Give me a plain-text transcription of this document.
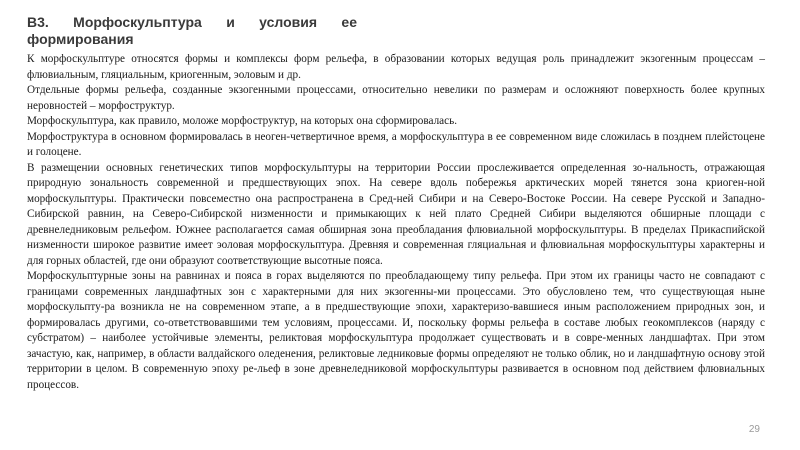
В3. Морфоскульптура и условия ее формирования

К морфоскульптуре относятся формы и комплексы форм рельефа, в образовании которых ведущая роль принадлежит экзогенным процессам – флювиальным, гляциальным, криогенным, эоловым и др.

Отдельные формы рельефа, созданные экзогенными процессами, относительно невелики по размерам и осложняют поверхность более крупных неровностей – морфоструктур.

Морфоскульптура, как правило, моложе морфоструктур, на которых она сформировалась.

Морфоструктура в основном формировалась в неоген-четвертичное время, а морфоскульптура в ее современном виде сложилась в позднем плейстоцене и голоцене.

В размещении основных генетических типов морфоскульптуры на территории России прослеживается определенная зо-нальность, отражающая природную зональность современной и предшествующих эпох. На севере вдоль побережья арктических морей тянется зона криоген-ной морфоскульптуры. Практически повсеместно она распространена в Сред-ней Сибири и на Северо-Востоке России. На севере Русской и Западно-Сибирской равнин, на Северо-Сибирской низменности и примыкающих к ней плато Средней Сибири выделяются обширные площади с древнеледниковым рельефом. Южнее располагается самая обширная зона преобладания флювиальной морфоскульптуры. В пределах Прикаспийской низменности широкое развитие имеет эоловая морфоскульптура. Древняя и современная гляциальная и флювиальная морфоскульптуры характерны и для горных областей, где они образуют соответствующие высотные пояса.

Морфоскульптурные зоны на равнинах и пояса в горах выделяются по преобладающему типу рельефа. При этом их границы часто не совпадают с границами современных ландшафтных зон с характерными для них экзогенны-ми процессами. Это обусловлено тем, что существующая ныне морфоскульпту-ра возникла не на современном этапе, а в предшествующие эпохи, характеризо-вавшиеся иным расположением природных зон, и формировалась другими, со-ответствовавшими тем условиям, процессами. И, поскольку формы рельефа в составе любых геокомплексов (наряду с субстратом) – наиболее устойчивые элементы, реликтовая морфоскульптура продолжает существовать и в совре-менных ландшафтах. При этом зачастую, как, например, в области валдайского оледенения, реликтовые ледниковые формы определяют не только облик, но и ландшафтную основу этой территории в целом. В современную эпоху ре-льеф в зоне древнеледниковой морфоскульптуры развивается в основном под действием флювиальных процессов.

29
